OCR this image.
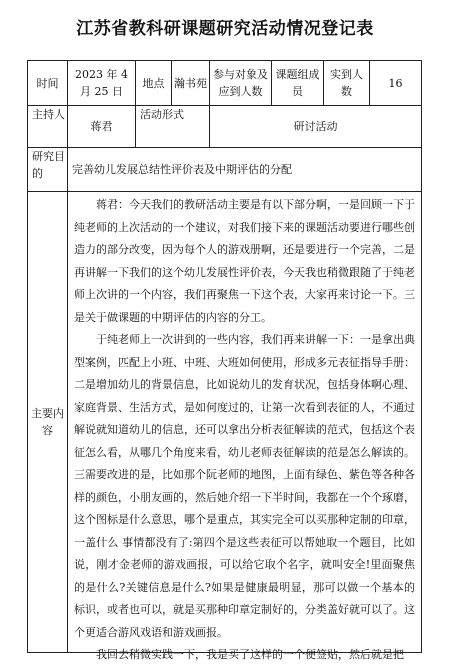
江苏省教科研课题研究活动情况登记表
时间	2023 年 4 月 25 日	地点	瀚书苑	参与对象及应到人数	课题组成员	实到人数	16
主持人	蒋君	活动形式		研讨活动			
研究目的	完善幼儿发展总结性评价表及中期评估的分配						
主要内容	蒋君：今天我们的教研活动主要是有以下部分啊，一是回顾一下于纯老师的上次活动的一个建议，对我们接下来的课题活动要进行哪些创造力的部分改变，因为每个人的游戏册啊，还是要进行一个完善，二是再讲解一下我们的这个幼儿发展性评价表，今天我也稍微跟随了于纯老师上次讲的一个内容，我们再聚焦一下这个表，大家再来讨论一下。三是关于做课题的中期评估的内容的分工。

于纯老师上一次讲到的一些内容，我们再来讲解一下：一是拿出典型案例，匹配上小班、中班、大班如何使用，形成多元表征指导手册：二是增加幼儿的背景信息，比如说幼儿的发育状况，包括身体啊心理、家庭背景、生活方式，是如何度过的，让第一次看到表征的人，不通过解说就知道幼儿的信息，还可以拿出分析表征解读的范式，包括这个表征怎么看，从哪几个角度来看，幼儿老师表征解读的范是怎么解读的。三需要改进的是，比如那个阮老师的地图，上面有绿色、紫色等各种各样的颜色，小朋友画的，然后她介绍一下半时间，我都在一个个琢磨，这个图标是什么意思，哪个是重点，其实完全可以买那种定制的印章，一盖什么 事情都没有了:第四个是这些表征可以帮她取一个题目，比如说，刚才金老师的游戏画报，可以给它取个名字，就叫安全!里面聚焦的是什么?关键信息是什么?如果是健康最明显，那可以做一个基本的标识，或者也可以，就是买那种印章定制好的，分类盖好就可以了。这个更适合游风戏语和游戏画报。

我回去稍微实践一下，我是买了这样的一个便签贴，然后就是把						
